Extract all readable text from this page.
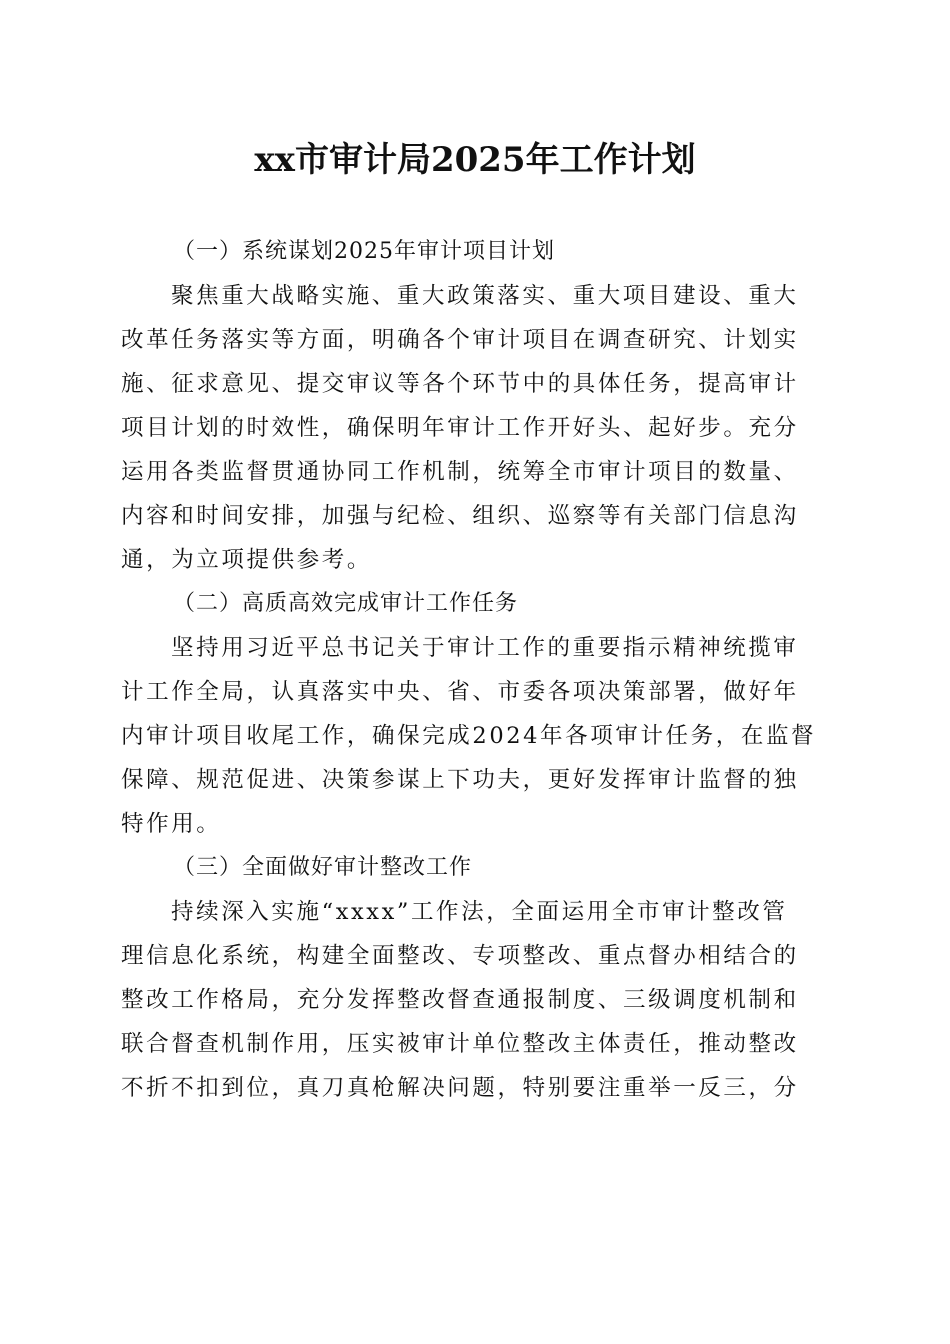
xx市审计局2025年工作计划

（一）系统谋划2025年审计项目计划

聚焦重大战略实施、重大政策落实、重大项目建设、重大
改革任务落实等方面，明确各个审计项目在调查研究、计划实
施、征求意见、提交审议等各个环节中的具体任务，提高审计
项目计划的时效性，确保明年审计工作开好头、起好步。充分
运用各类监督贯通协同工作机制，统筹全市审计项目的数量、
内容和时间安排，加强与纪检、组织、巡察等有关部门信息沟
通，为立项提供参考。

（二）高质高效完成审计工作任务

坚持用习近平总书记关于审计工作的重要指示精神统揽审
计工作全局，认真落实中央、省、市委各项决策部署，做好年
内审计项目收尾工作，确保完成2024年各项审计任务，在监督
保障、规范促进、决策参谋上下功夫，更好发挥审计监督的独
特作用。

（三）全面做好审计整改工作

持续深入实施“xxxx”工作法，全面运用全市审计整改管
理信息化系统，构建全面整改、专项整改、重点督办相结合的
整改工作格局，充分发挥整改督查通报制度、三级调度机制和
联合督查机制作用，压实被审计单位整改主体责任，推动整改
不折不扣到位，真刀真枪解决问题，特别要注重举一反三，分
